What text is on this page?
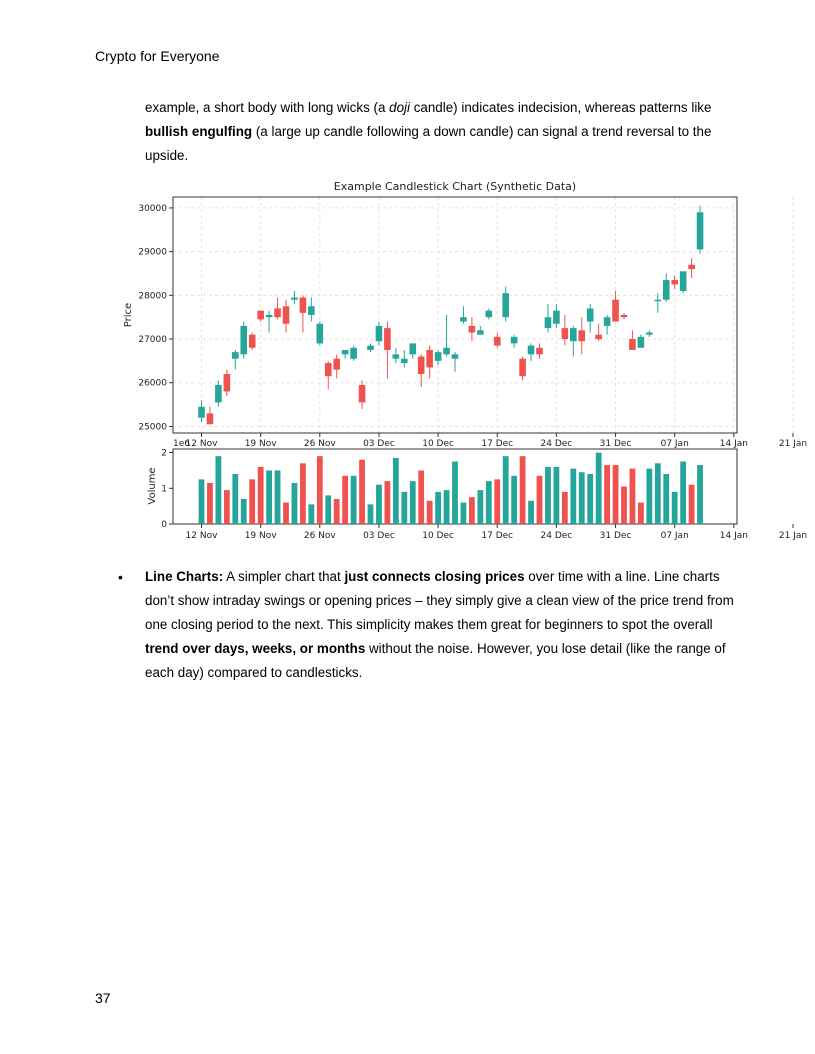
Crypto for Everyone
example, a short body with long wicks (a doji candle) indicates indecision, whereas patterns like bullish engulfing (a large up candle following a down candle) can signal a trend reversal to the upside.
Example Candlestick Chart (Synthetic Data)
25000
26000
27000
28000
29000
30000
Price
1e6
12 Nov	19 Nov	26 Nov	03 Dec	10 Dec	17 Dec	24 Dec	31 Dec	07 Jan	14 Jan	21 Jan
0
1
2
Volume
12 Nov	19 Nov	26 Nov	03 Dec	10 Dec	17 Dec	24 Dec	31 Dec	07 Jan	14 Jan	21 Jan
• Line Charts: A simpler chart that just connects closing prices over time with a line. Line charts don’t show intraday swings or opening prices – they simply give a clean view of the price trend from one closing period to the next. This simplicity makes them great for beginners to spot the overall trend over days, weeks, or months without the noise. However, you lose detail (like the range of each day) compared to candlesticks.
37
